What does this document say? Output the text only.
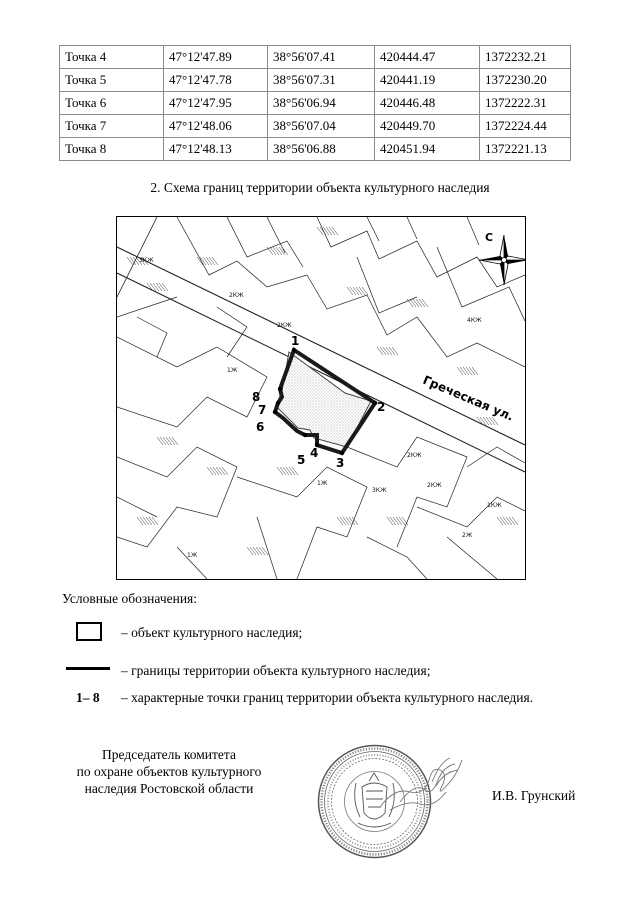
Точка 4	47°12'47.89	38°56'07.41	420444.47	1372232.21
Точка 5	47°12'47.78	38°56'07.31	420441.19	1372230.20
Точка 6	47°12'47.95	38°56'06.94	420446.48	1372222.31
Точка 7	47°12'48.06	38°56'07.04	420449.70	1372224.44
Точка 8	47°12'48.13	38°56'06.88	420451.94	1372221.13
2. Схема границ территории объекта культурного наследия
3КЖ
2КЖ
4КЖ
2КЖ
1Ж
2КЖ
3КЖ
2КЖ
1КЖ
2Ж
1Ж
1Ж
1
2
3
4
5
6
7
8	Греческая ул.
С
Условные обозначения:
– объект культурного наследия;
– границы территории объекта культурного наследия;
1– 8 – характерные точки границ территории объекта культурного наследия.
Председатель комитета
по охране объектов культурного
наследия Ростовской области	И.В. Грунский
